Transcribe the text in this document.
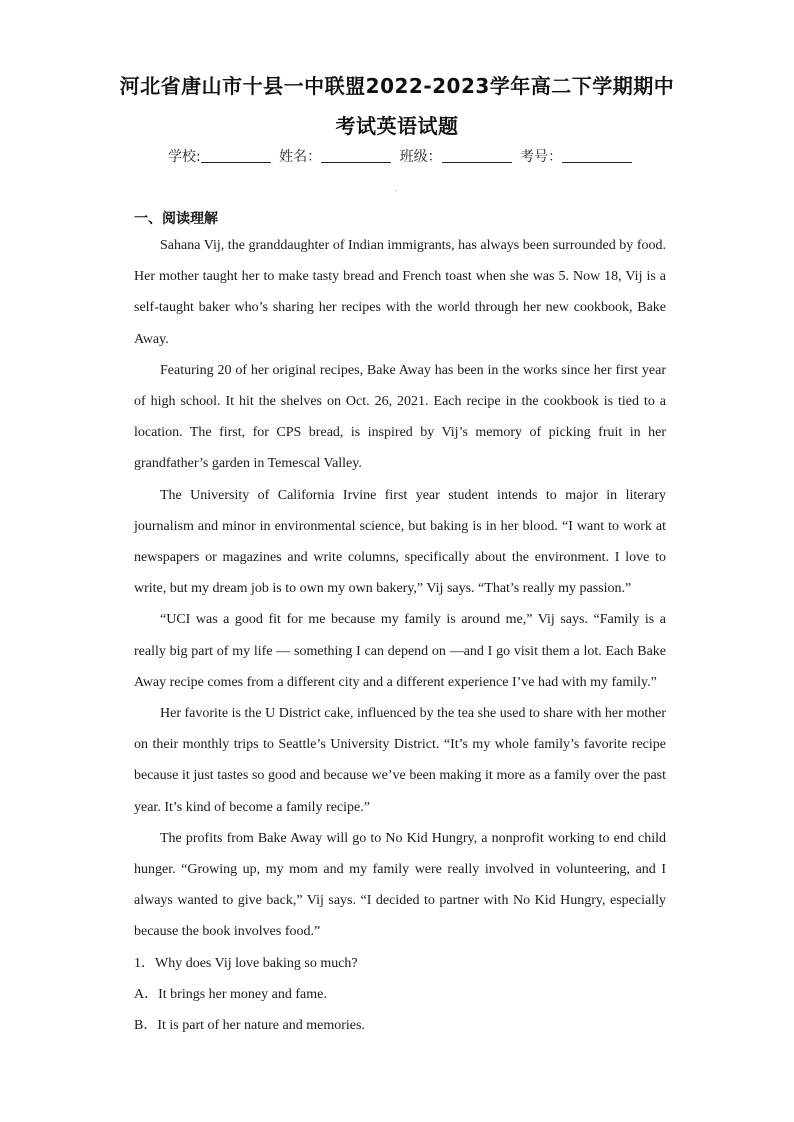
河北省唐山市十县一中联盟2022-2023学年高二下学期期中
考试英语试题
学校:	姓名：	班级：	考号：
一、阅读理解

Sahana Vij, the granddaughter of Indian immigrants, has always been surrounded by food. Her mother taught her to make tasty bread and French toast when she was 5. Now 18, Vij is a self-taught baker who’s sharing her recipes with the world through her new cookbook, Bake Away.

Featuring 20 of her original recipes, Bake Away has been in the works since her first year of high school. It hit the shelves on Oct. 26, 2021. Each recipe in the cookbook is tied to a location. The first, for CPS bread, is inspired by Vij’s memory of picking fruit in her grandfather’s garden in Temescal Valley.

The University of California Irvine first year student intends to major in literary journalism and minor in environmental science, but baking is in her blood. “I want to work at newspapers or magazines and write columns, specifically about the environment. I love to write, but my dream job is to own my own bakery,” Vij says. “That’s really my passion.”

“UCI was a good fit for me because my family is around me,” Vij says. “Family is a really big part of my life — something I can depend on —and I go visit them a lot. Each Bake Away recipe comes from a different city and a different experience I’ve had with my family.”

Her favorite is the U District cake, influenced by the tea she used to share with her mother on their monthly trips to Seattle’s University District. “It’s my whole family’s favorite recipe because it just tastes so good and because we’ve been making it more as a family over the past year. It’s kind of become a family recipe.”

The profits from Bake Away will go to No Kid Hungry, a nonprofit working to end child hunger. “Growing up, my mom and my family were really involved in volunteering, and I always wanted to give back,” Vij says. “I decided to partner with No Kid Hungry, especially because the book involves food.”

1．Why does Vij love baking so much?

A．It brings her money and fame.

B．It is part of her nature and memories.
